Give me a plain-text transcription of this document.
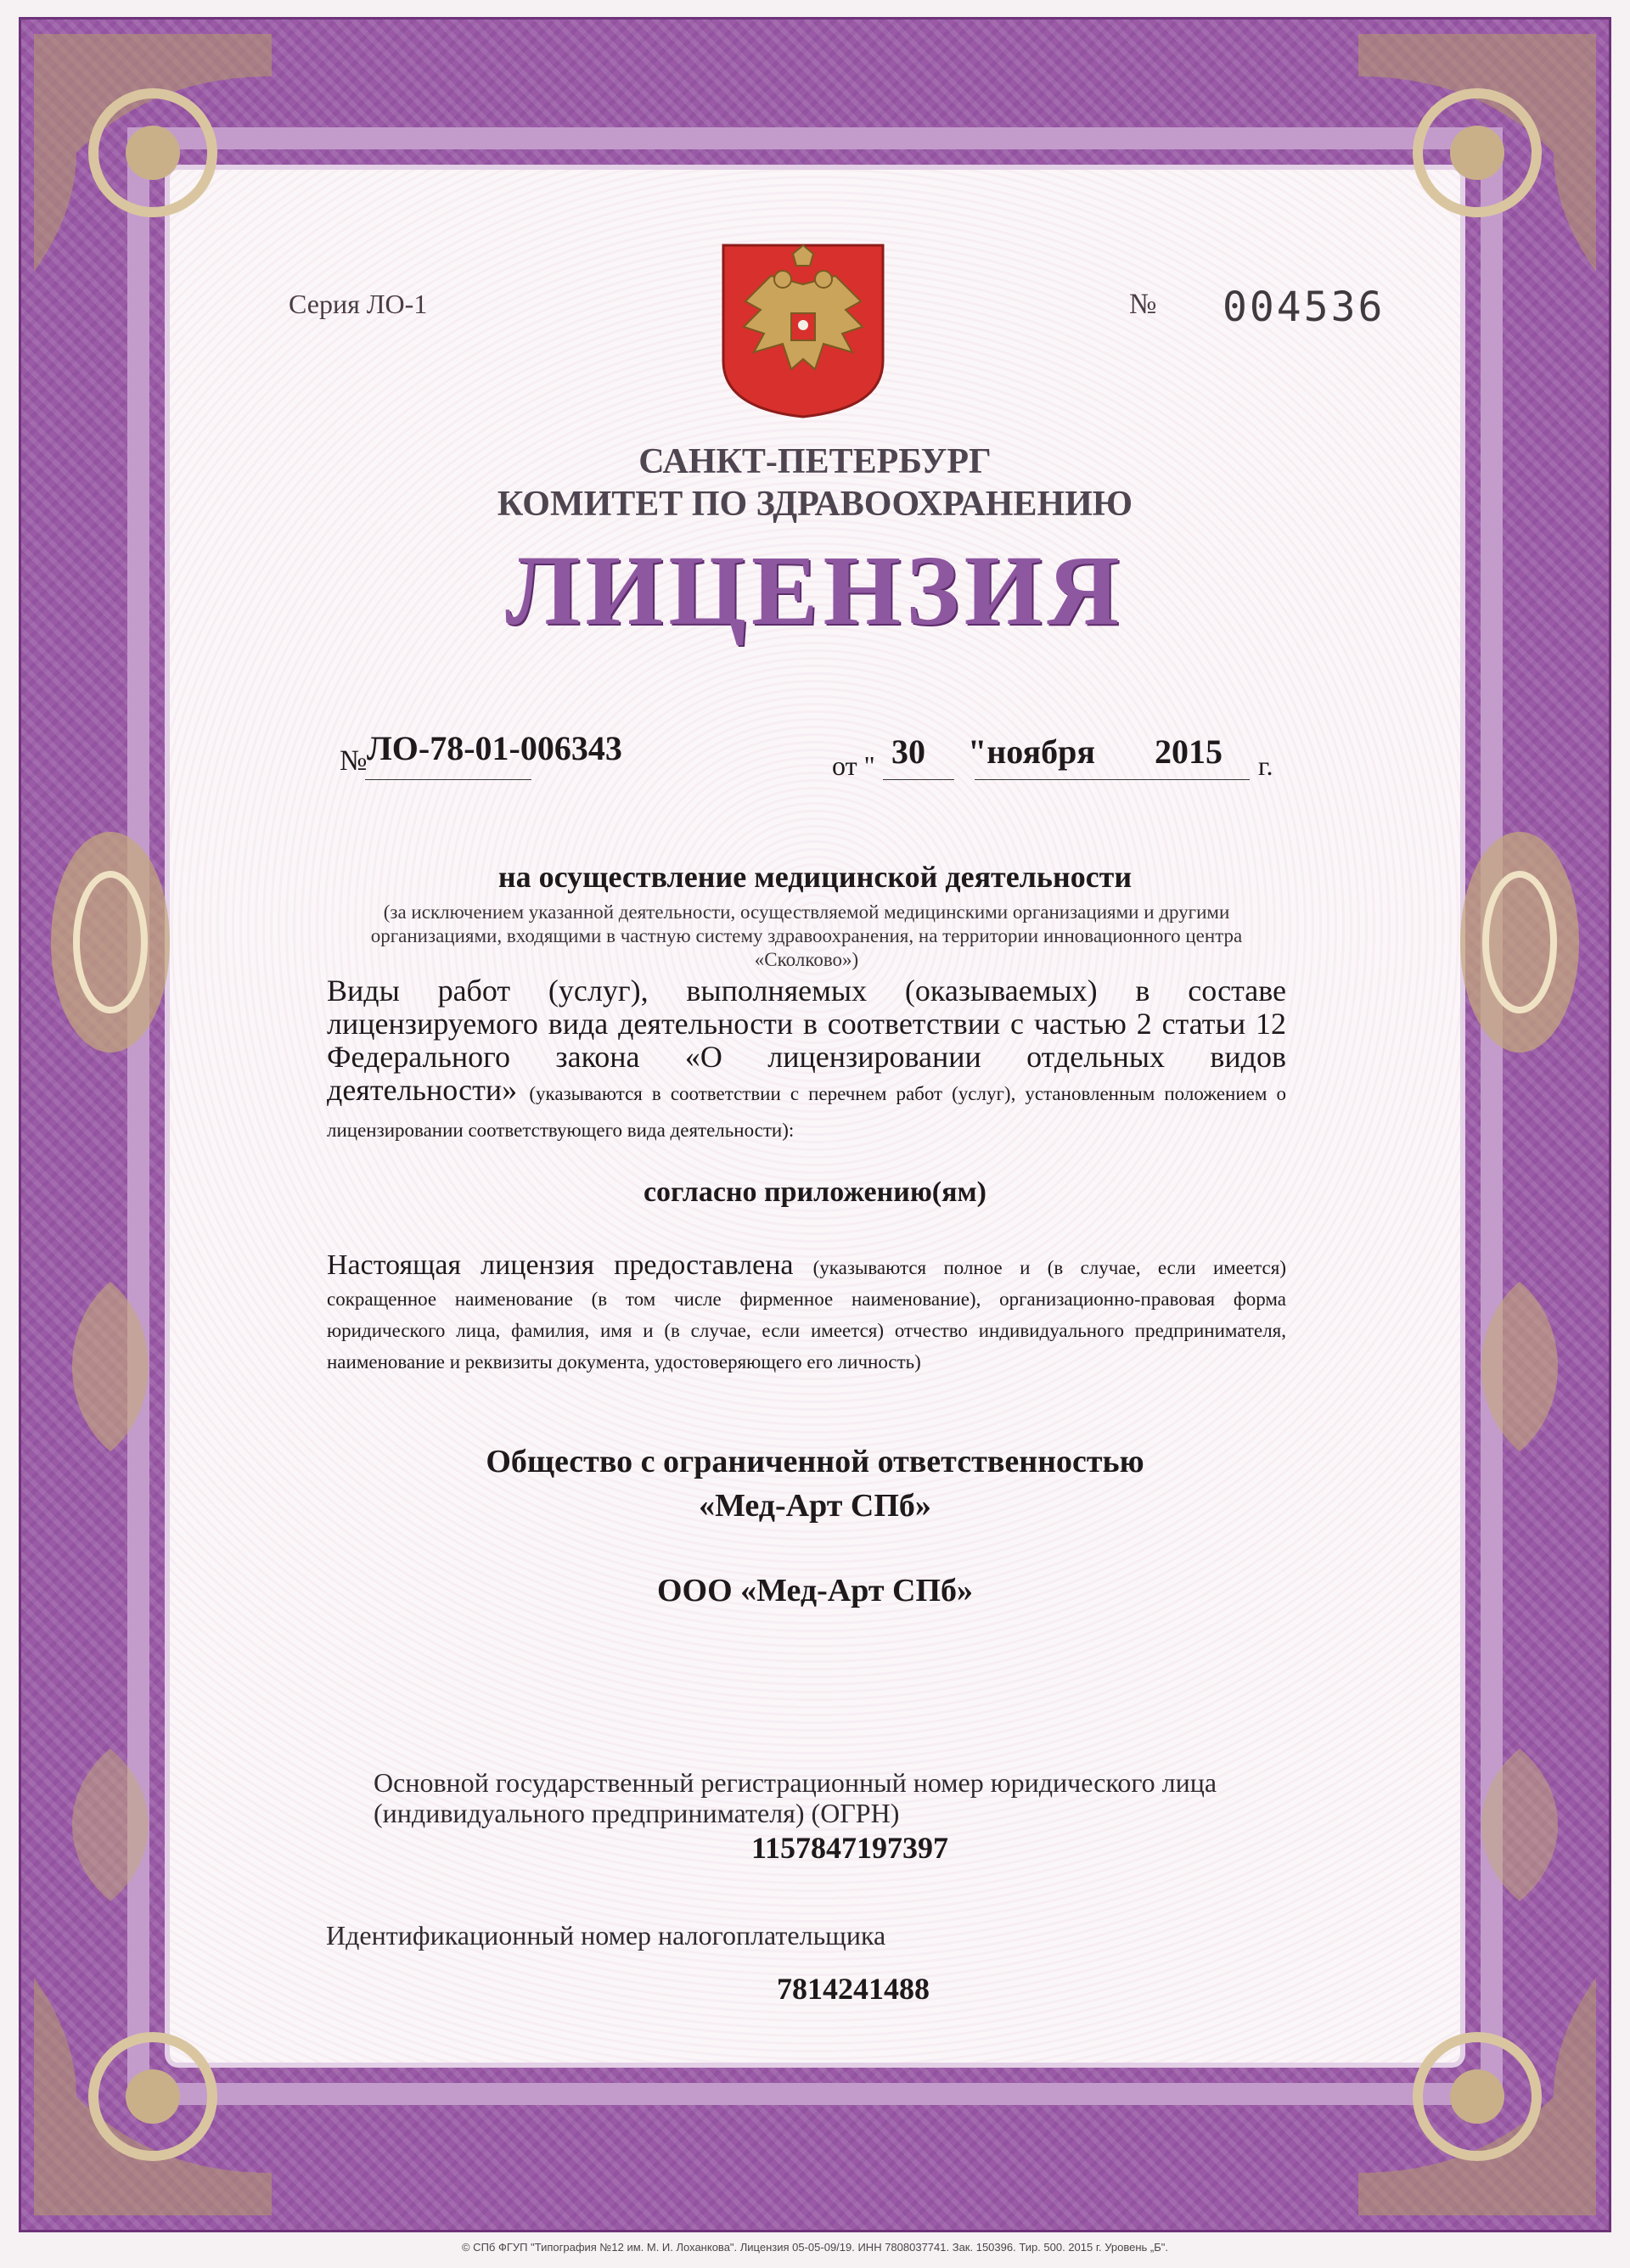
Серия ЛО-1	№ 004536
САНКТ-ПЕТЕРБУРГ
КОМИТЕТ ПО ЗДРАВООХРАНЕНИЮ
ЛИЦЕНЗИЯ
№ ЛО-78-01-006343	от " 30 "ноября 2015 г.
на осуществление медицинской деятельности
(за исключением указанной деятельности, осуществляемой медицинскими организациями и другими
организациями, входящими в частную систему здравоохранения, на территории инновационного центра
«Сколково»)
Виды работ (услуг), выполняемых (оказываемых) в составе лицензируемого вида деятельности в соответствии с частью 2 статьи 12 Федерального закона «О лицензировании отдельных видов деятельности» (указываются в соответствии с перечнем работ (услуг), установленным положением о лицензировании соответствующего вида деятельности):
согласно приложению(ям)
Настоящая лицензия предоставлена (указываются полное и (в случае, если имеется) сокращенное наименование (в том числе фирменное наименование), организационно-правовая форма юридического лица, фамилия, имя и (в случае, если имеется) отчество индивидуального предпринимателя, наименование и реквизиты документа, удостоверяющего его личность)
Общество с ограниченной ответственностью
«Мед-Арт СПб»
ООО «Мед-Арт СПб»
Основной государственный регистрационный номер юридического лица
(индивидуального предпринимателя) (ОГРН)
1157847197397
Идентификационный номер налогоплательщика
7814241488
© СПб ФГУП "Типография №12 им. М. И. Лоханкова". Лицензия 05-05-09/19. ИНН 7808037741. Зак. 150396. Тир. 500. 2015 г. Уровень „Б".
